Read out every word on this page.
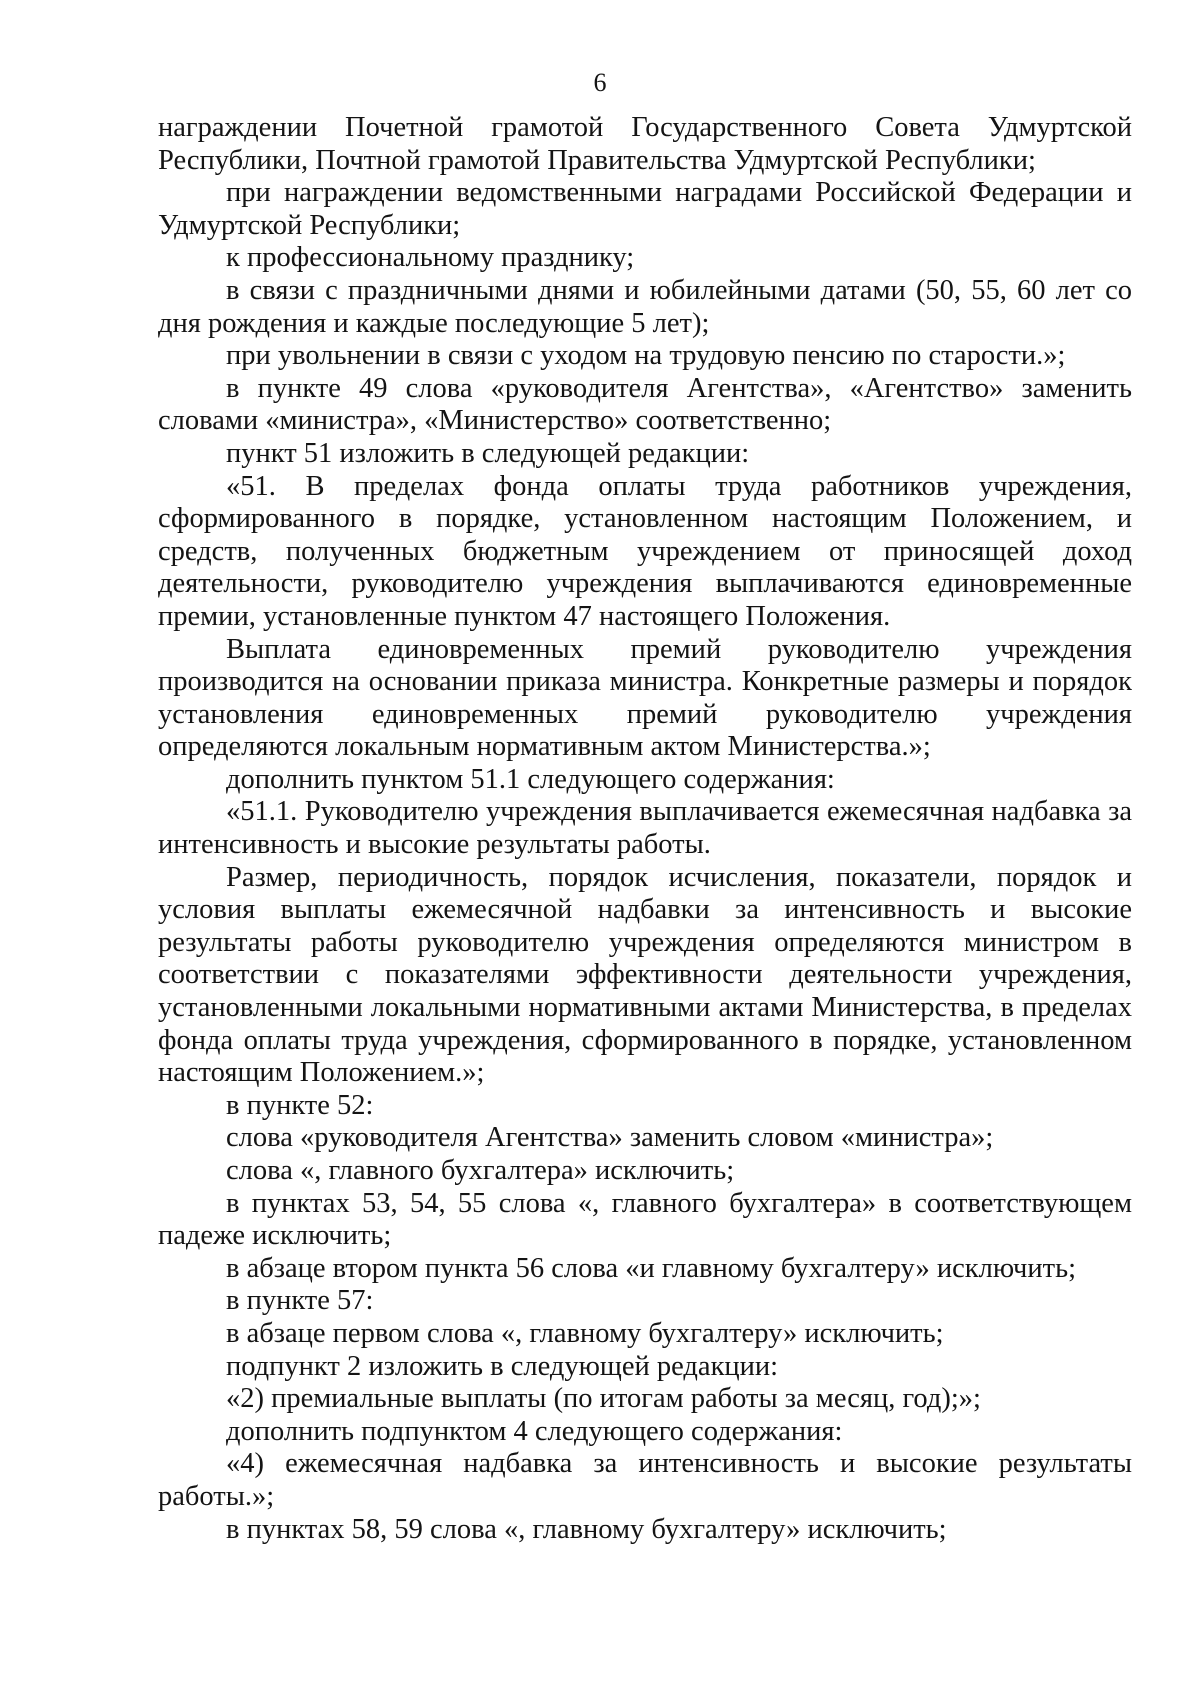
6

награждении Почетной грамотой Государственного Совета Удмуртской Республики, Почтной грамотой Правительства Удмуртской Республики;

при награждении ведомственными наградами Российской Федерации и Удмуртской Республики;

к профессиональному празднику;

в связи с праздничными днями и юбилейными датами (50, 55, 60 лет со дня рождения и каждые последующие 5 лет);

при увольнении в связи с уходом на трудовую пенсию по старости.»;

в пункте 49 слова «руководителя Агентства», «Агентство» заменить словами «министра», «Министерство» соответственно;

пункт 51 изложить в следующей редакции:

«51. В пределах фонда оплаты труда работников учреждения, сформированного в порядке, установленном настоящим Положением, и средств, полученных бюджетным учреждением от приносящей доход деятельности, руководителю учреждения выплачиваются единовременные премии, установленные пунктом 47 настоящего Положения.

Выплата единовременных премий руководителю учреждения производится на основании приказа министра. Конкретные размеры и порядок установления единовременных премий руководителю учреждения определяются локальным нормативным актом Министерства.»;

дополнить пунктом 51.1 следующего содержания:

«51.1. Руководителю учреждения выплачивается ежемесячная надбавка за интенсивность и высокие результаты работы.

Размер, периодичность, порядок исчисления, показатели, порядок и условия выплаты ежемесячной надбавки за интенсивность и высокие результаты работы руководителю учреждения определяются министром в соответствии с показателями эффективности деятельности учреждения, установленными локальными нормативными актами Министерства, в пределах фонда оплаты труда учреждения, сформированного в порядке, установленном настоящим Положением.»;

в пункте 52:

слова «руководителя Агентства» заменить словом «министра»;

слова «, главного бухгалтера» исключить;

в пунктах 53, 54, 55 слова «, главного бухгалтера» в соответствующем падеже исключить;

в абзаце втором пункта 56 слова «и главному бухгалтеру» исключить;

в пункте 57:

в абзаце первом слова «, главному бухгалтеру» исключить;

подпункт 2 изложить в следующей редакции:

«2) премиальные выплаты (по итогам работы за месяц, год);»;

дополнить подпунктом 4 следующего содержания:

«4) ежемесячная надбавка за интенсивность и высокие результаты работы.»;

в пунктах 58, 59 слова «, главному бухгалтеру» исключить;
